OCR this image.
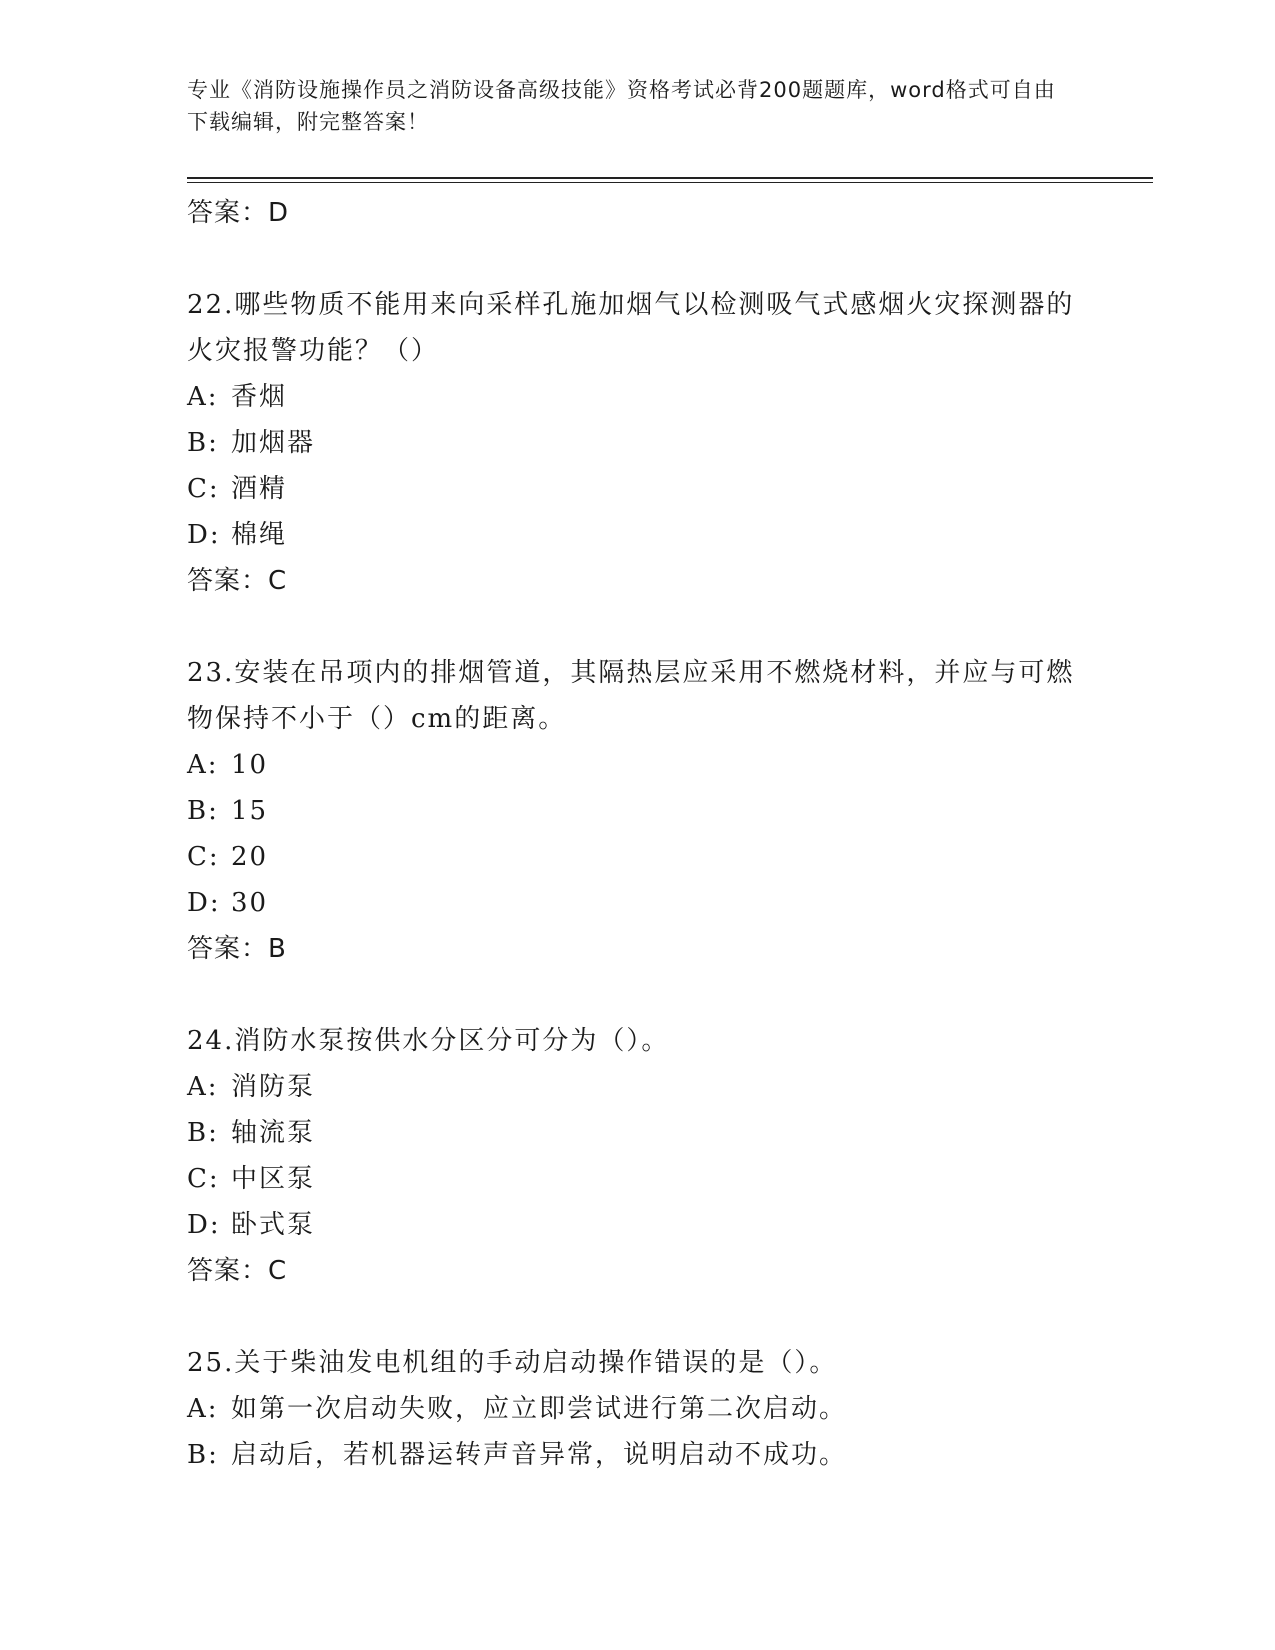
专业《消防设施操作员之消防设备高级技能》资格考试必背200题题库，word格式可自由下载编辑，附完整答案！
答案：D
22.哪些物质不能用来向采样孔施加烟气以检测吸气式感烟火灾探测器的火灾报警功能？（）
A: 香烟
B: 加烟器
C: 酒精
D: 棉绳
答案：C
23.安装在吊项内的排烟管道，其隔热层应采用不燃烧材料，并应与可燃物保持不小于（）cm的距离。
A: 10
B: 15
C: 20
D: 30
答案：B
24.消防水泵按供水分区分可分为（）。
A: 消防泵
B: 轴流泵
C: 中区泵
D: 卧式泵
答案：C
25.关于柴油发电机组的手动启动操作错误的是（）。
A: 如第一次启动失败，应立即尝试进行第二次启动。
B: 启动后，若机器运转声音异常，说明启动不成功。
